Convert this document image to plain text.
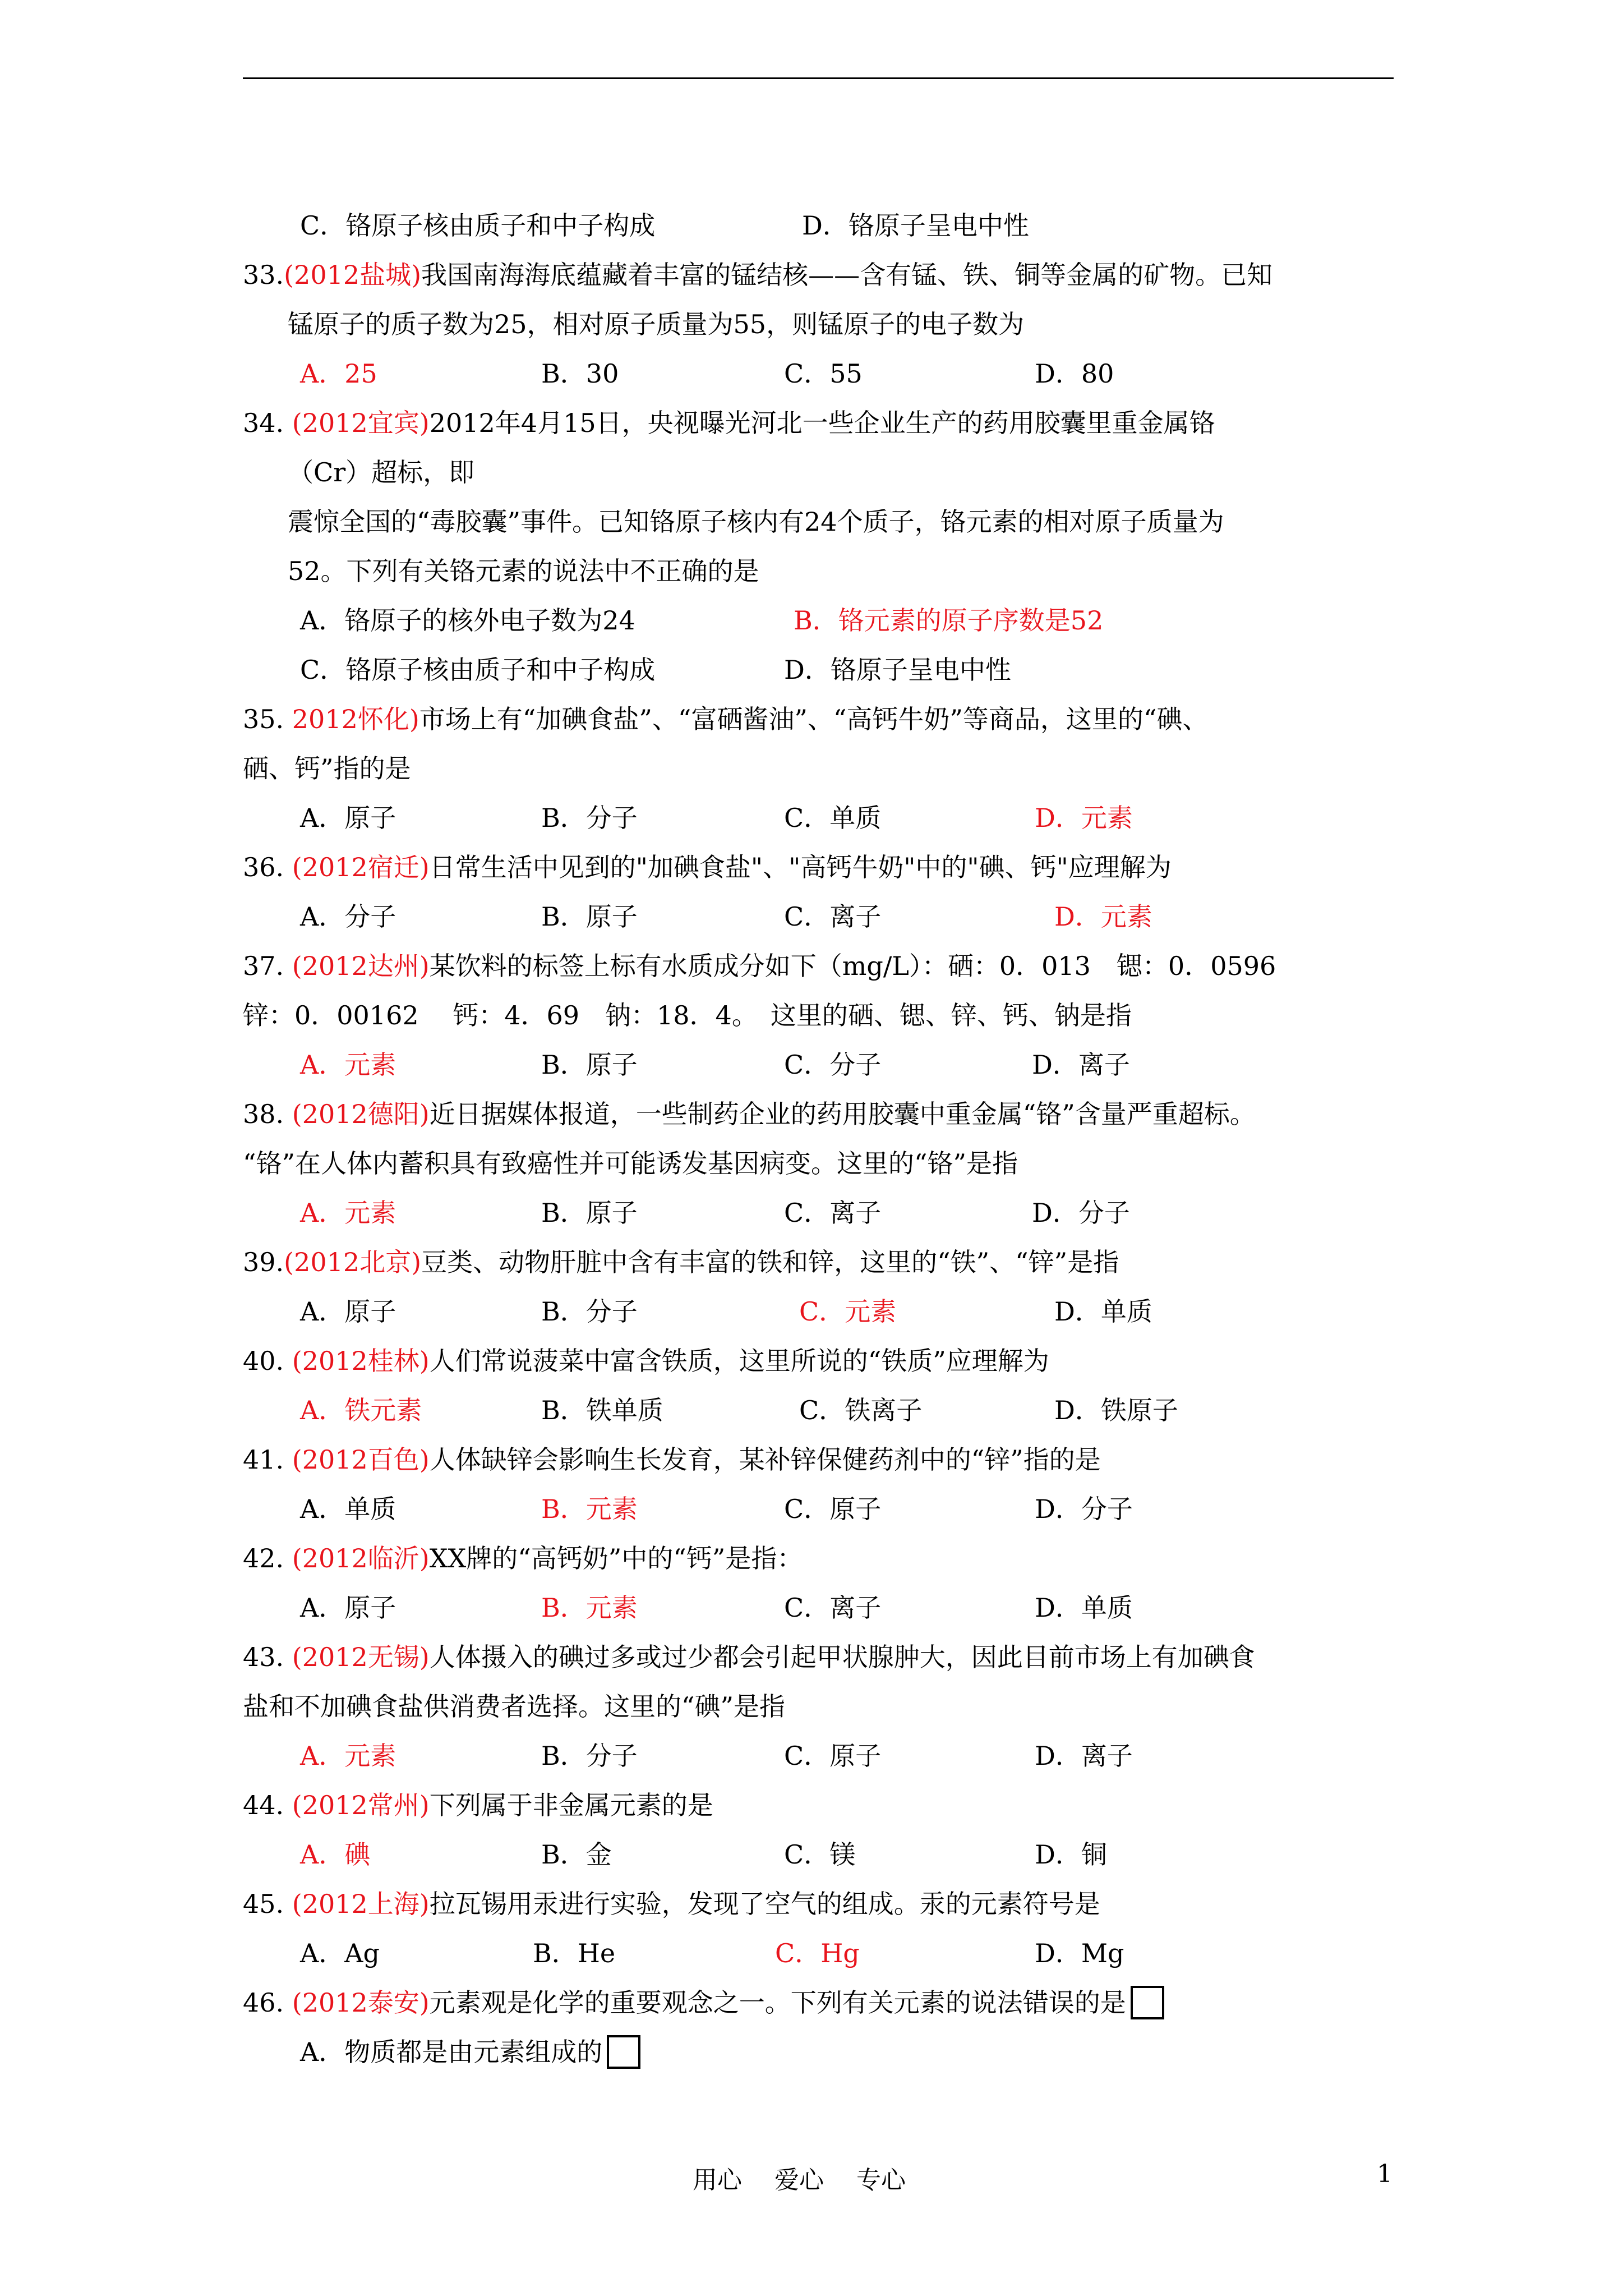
C．铬原子核由质子和中子构成	D．铬原子呈电中性
33.(2012盐城)我国南海海底蕴藏着丰富的锰结核——含有锰、铁、铜等金属的矿物。已知
锰原子的质子数为25，相对原子质量为55，则锰原子的电子数为
A．25	B．30	C．55	D．80
34. (2012宜宾)2012年4月15日，央视曝光河北一些企业生产的药用胶囊里重金属铬
（Cr）超标，即
震惊全国的“毒胶囊”事件。已知铬原子核内有24个质子，铬元素的相对原子质量为
52。下列有关铬元素的说法中不正确的是
A．铬原子的核外电子数为24	B．铬元素的原子序数是52
C．铬原子核由质子和中子构成	D．铬原子呈电中性
35. 2012怀化)市场上有“加碘食盐”、“富硒酱油”、“高钙牛奶”等商品，这里的“碘、
硒、钙”指的是
A．原子	B．分子	C．单质	D．元素
36. (2012宿迁)日常生活中见到的"加碘食盐"、"高钙牛奶"中的"碘、钙"应理解为
A．分子	B．原子	C．离子	D．元素
37. (2012达州)某饮料的标签上标有水质成分如下（mg/L）：硒：0．013　锶：0．0596
锌：0．00162　 钙：4．69　钠：18．4。　这里的硒、锶、锌、钙、钠是指
A．元素	B．原子	C．分子	D．离子
38. (2012德阳)近日据媒体报道，一些制药企业的药用胶囊中重金属“铬”含量严重超标。
“铬”在人体内蓄积具有致癌性并可能诱发基因病变。这里的“铬”是指
A．元素	B．原子	C．离子	D．分子
39.(2012北京)豆类、动物肝脏中含有丰富的铁和锌，这里的“铁”、“锌”是指
A．原子	B．分子	C．元素	D．单质
40. (2012桂林)人们常说菠菜中富含铁质，这里所说的“铁质”应理解为
A．铁元素	B．铁单质	C．铁离子	D．铁原子
41. (2012百色)人体缺锌会影响生长发育，某补锌保健药剂中的“锌”指的是
A．单质	B．元素	C．原子	D．分子
42. (2012临沂)XX牌的“高钙奶”中的“钙”是指：
A．原子	B．元素	C．离子	D．单质
43. (2012无锡)人体摄入的碘过多或过少都会引起甲状腺肿大，因此目前市场上有加碘食
盐和不加碘食盐供消费者选择。这里的“碘”是指
A．元素	B．分子	C．原子	D．离子
44. (2012常州)下列属于非金属元素的是
A．碘	B．金	C．镁	D．铜
45. (2012上海)拉瓦锡用汞进行实验，发现了空气的组成。汞的元素符号是
A．Ag	B．He	C．Hg	D．Mg
46. (2012泰安)元素观是化学的重要观念之一。下列有关元素的说法错误的是
A．物质都是由元素组成的
用心 爱心 专心	1
